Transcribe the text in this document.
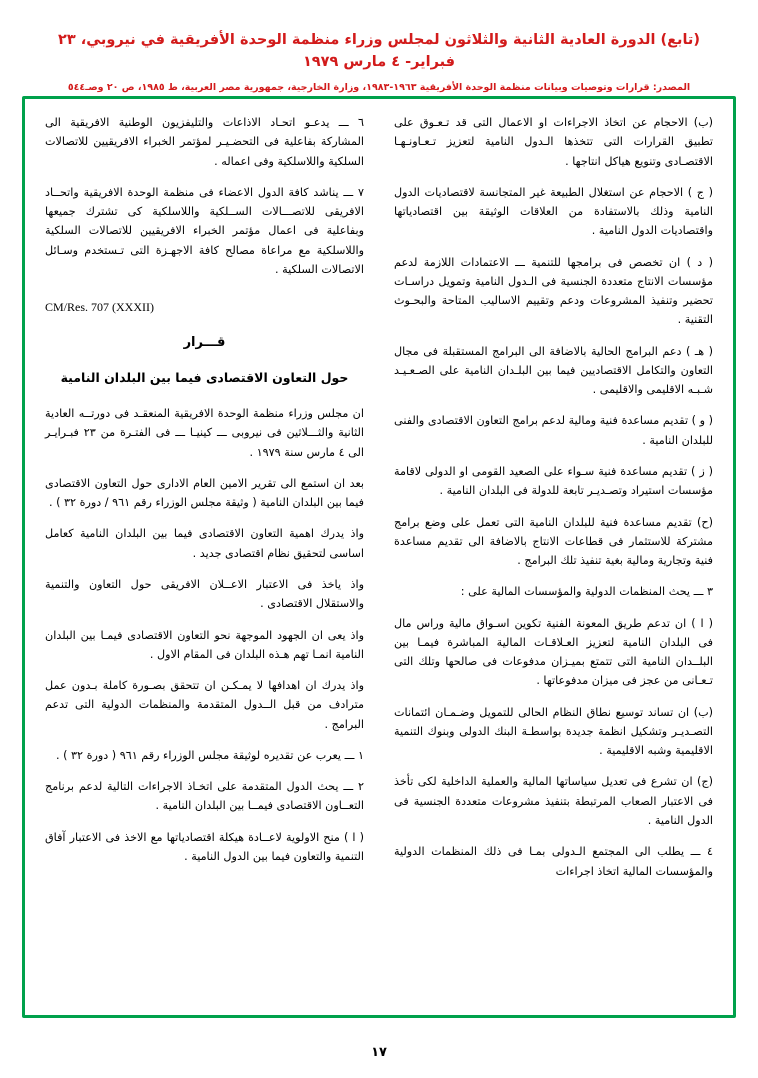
(تابع) الدورة العادية الثانية والثلاثون لمجلس وزراء منظمة الوحدة الأفريقية في نيروبي، ٢٣ فبراير- ٤ مارس ١٩٧٩
المصدر: قرارات وتوصيات وبيانات منظمة الوحدة الأفريقية ١٩٦٣-١٩٨٣، وزارة الخارجية، جمهورية مصر العربية، ط ١٩٨٥، ص ٢٠ وصـ٥٤٤

(ب) الاحجام عن اتخاذ الاجراءات او الاعمال التى قد تـعـوق على تطبيق القرارات التى تتخذها الـدول النامية لتعزيز تـعـاونـهـا الاقتصـادى وتنويع هياكل انتاجها .

( ج ) الاحجام عن استغلال الطبيعة غير المتجانسة لاقتصاديات الدول النامية وذلك بالاستفادة من العلاقات الوثيقة بين اقتصادياتها واقتصاديات الدول النامية .

( د ) ان تخصص فى برامجها للتنمية ـــ الاعتمادات اللازمة لدعم مؤسسات الانتاج متعددة الجنسية فى الـدول النامية وتمويل دراسـات تحضير وتنفيذ المشروعات ودعم وتقييم الاساليب المتاحة والبحـوث التقنية .

( هـ ) دعم البرامج الحالية بالاضافة الى البرامج المستقبلة فى مجال التعاون والتكامل الاقتصاديين فيما بين البلـدان النامية على الصـعـيـد شـبـه الاقليمى والاقليمى .

( و ) تقديم مساعدة فنية ومالية لدعم برامج التعاون الاقتصادى والفنى للبلدان النامية .

( ز ) تقديم مساعدة فنية سـواء على الصعيد القومى او الدولى لاقامة مؤسسات استيراد وتصـديـر تابعة للدولة فى البلدان النامية .

(ح) تقديم مساعدة فنية للبلدان النامية التى تعمل على وضع برامج مشتركة للاستثمار فى قطاعات الانتاج بالاضافة الى تقديم مساعدة فنية وتجارية ومالية بغية تنفيذ تلك البرامج .

٣ ـــ يحث المنظمات الدولية والمؤسسات المالية على :

( ا ) ان تدعم طريق المعونة الفنية تكوين اسـواق مالية وراس مال فى البلدان النامية لتعزيز العـلاقـات المالية المباشرة فيمـا بين البلــدان النامية التى تتمتع بميـزان مدفوعات فى صالحها وتلك التى تـعـانى من عجز فى ميزان مدفوعاتها .

(ب) ان تساند توسيع نطاق النظام الحالى للتمويل وضـمـان ائتمانات التصـديـر وتشكيل انظمة جديدة بواسطـة البنك الدولى وبنوك التنمية الاقليمية وشبه الاقليمية .

(ج) ان تشرع فى تعديل سياساتها المالية والعملية الداخلية لكى تأخذ فى الاعتبار الصعاب المرتبطة بتنفيذ مشروعات متعددة الجنسية فى الدول النامية .

٤ ـــ يطلب الى المجتمع الـدولى بمـا فى ذلك المنظمات الدولية والمؤسسات المالية اتخاذ اجراءات

٦ ـــ يدعـو اتحـاد الاذاعات والتليفزيون الوطنية الافريقية الى المشاركة بفاعلية فى التحضـيـر لمؤتمر الخبراء الافريقيين للاتصالات السلكية واللاسلكية وفى اعماله .

٧ ـــ يناشد كافة الدول الاعضاء فى منظمة الوحدة الافريقية واتحــاد الافريقى للاتصـــالات الســلكية واللاسلكية كى تشترك جميعها وبفاعلية فى اعمال مؤتمر الخبراء الافريقيين للاتصالات السلكية واللاسلكية مع مراعاة مصالح كافة الاجهـزة التى تـستخدم وسـائل الاتصالات السلكية .

CM/Res. 707 (XXXII)
قـــرار
حول التعاون الاقتصادى فيما بين البلدان النامية

ان مجلس وزراء منظمة الوحدة الافريقية المنعقـد فى دورتــه العادية الثانية والثـــلاثين فى نيروبى ـــ كينيـا ـــ فى الفتـرة من ٢٣ فبـرايـر الى ٤ مارس سنة ١٩٧٩ .

بعد ان استمع الى تقرير الامين العام الادارى حول التعاون الاقتصادى فيما بين البلدان النامية ( وثيقة مجلس الوزراء رقم ٩٦١ / دورة ٣٢ ) .

واذ يدرك اهمية التعاون الاقتصادى فيما بين البلدان النامية كعامل اساسى لتحقيق نظام اقتصادى جديد .

واذ ياخذ فى الاعتبار الاعــلان الافريقى حول التعاون والتنمية والاستقلال الاقتصادى .

واذ يعى ان الجهود الموجهة نحو التعاون الاقتصادى فيمـا بين البلدان النامية انمـا تهم هـذه البلدان فى المقام الاول .

واذ يدرك ان اهدافها لا يمـكـن ان تتحقق بصـورة كاملة بـدون عمل مترادف من قبل الــدول المتقدمة والمنظمات الدولية التى تدعم البرامج .

١ ـــ يعرب عن تقديره لوثيقة مجلس الوزراء رقم ٩٦١ ( دورة ٣٢ ) .

٢ ـــ يحث الدول المتقدمة على اتخـاذ الاجراءات التالية لدعم برنامج التعــاون الاقتصادى فيمــا بين البلدان النامية .

( ا ) منح الاولوية لاعــادة هيكلة اقتصادياتها مع الاخذ فى الاعتبار آفاق التنمية والتعاون فيما بين الدول النامية .

١٧
